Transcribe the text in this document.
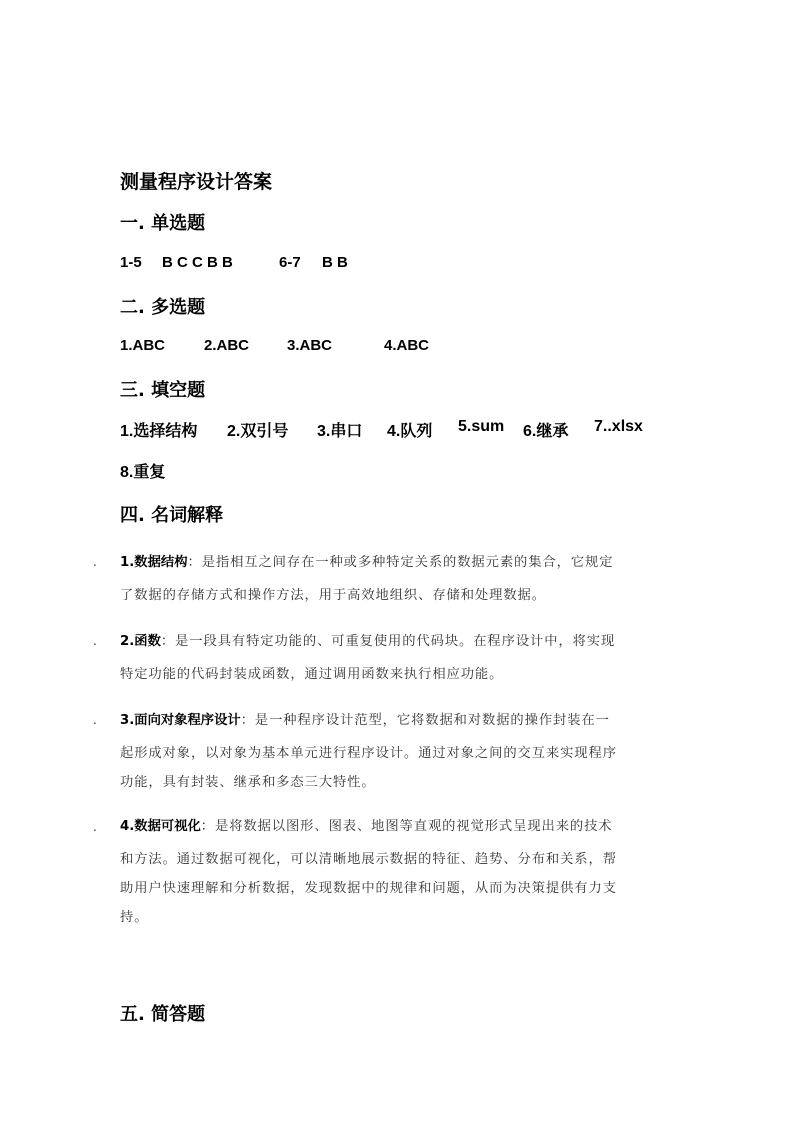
测量程序设计答案
一. 单选题
1-5 B C C B B	6-7 B B
二. 多选题
1.ABC	2.ABC	3.ABC	4.ABC
三. 填空题
1.选择结构 2.双引号 3.串口 4.队列 5.sum 6.继承 7..xlsx
8.重复
四. 名词解释
. 1.数据结构：是指相互之间存在一种或多种特定关系的数据元素的集合，它规定
了数据的存储方式和操作方法，用于高效地组织、存储和处理数据。
. 2.函数：是一段具有特定功能的、可重复使用的代码块。在程序设计中，将实现
特定功能的代码封装成函数，通过调用函数来执行相应功能。
. 3.面向对象程序设计：是一种程序设计范型，它将数据和对数据的操作封装在一
起形成对象，以对象为基本单元进行程序设计。通过对象之间的交互来实现程序
功能，具有封装、继承和多态三大特性。
. 4.数据可视化：是将数据以图形、图表、地图等直观的视觉形式呈现出来的技术
和方法。通过数据可视化，可以清晰地展示数据的特征、趋势、分布和关系，帮
助用户快速理解和分析数据，发现数据中的规律和问题，从而为决策提供有力支
持。
五. 简答题
